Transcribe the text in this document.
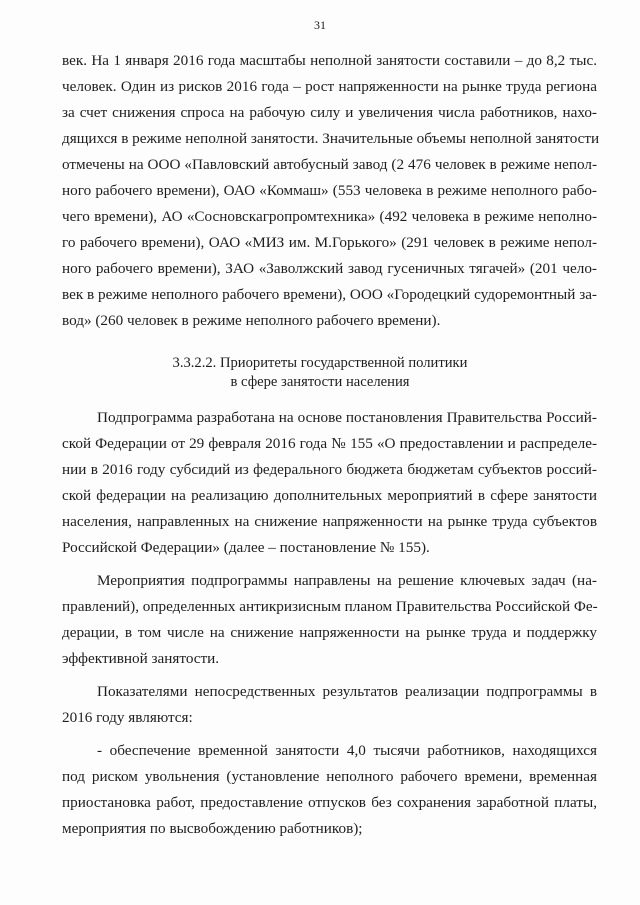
31
век. На 1 января 2016 года масштабы неполной занятости составили – до 8,2 тыс.
человек. Один из рисков 2016 года – рост напряженности на рынке труда региона
за счет снижения спроса на рабочую силу и увеличения числа работников, нахо-
дящихся в режиме неполной занятости. Значительные объемы неполной занятости
отмечены на ООО «Павловский автобусный завод (2 476 человек в режиме непол-
ного рабочего времени), ОАО «Коммаш» (553 человека в режиме неполного рабо-
чего времени), АО «Сосновскагропромтехника» (492 человека в режиме неполно-
го рабочего времени), ОАО «МИЗ им. М.Горького» (291 человек в режиме непол-
ного рабочего времени), ЗАО «Заволжский завод гусеничных тягачей» (201 чело-
век в режиме неполного рабочего времени), ООО «Городецкий судоремонтный за-
вод» (260 человек в режиме неполного рабочего времени).
3.3.2.2. Приоритеты государственной политики
в сфере занятости населения
Подпрограмма разработана на основе постановления Правительства Россий-
ской Федерации от 29 февраля 2016 года № 155 «О предоставлении и распределе-
нии в 2016 году субсидий из федерального бюджета бюджетам субъектов россий-
ской федерации на реализацию дополнительных мероприятий в сфере занятости
населения, направленных на снижение напряженности на рынке труда субъектов
Российской Федерации» (далее – постановление № 155).
Мероприятия подпрограммы направлены на решение ключевых задач (на-
правлений), определенных антикризисным планом Правительства Российской Фе-
дерации, в том числе на снижение напряженности на рынке труда и поддержку
эффективной занятости.
Показателями непосредственных результатов реализации подпрограммы в
2016 году являются:
- обеспечение временной занятости 4,0 тысячи работников, находящихся
под риском увольнения (установление неполного рабочего времени, временная
приостановка работ, предоставление отпусков без сохранения заработной платы,
мероприятия по высвобождению работников);
